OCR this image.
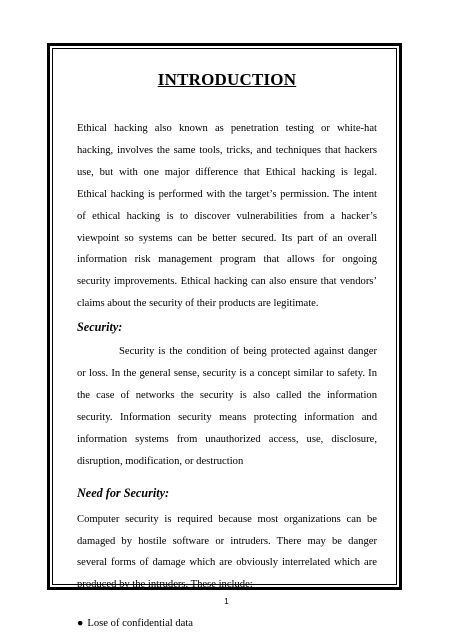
INTRODUCTION

Ethical hacking also known as penetration testing or white-hat hacking, involves the same tools, tricks, and techniques that hackers use, but with one major difference that Ethical hacking is legal. Ethical hacking is performed with the target’s permission. The intent of ethical hacking is to discover vulnerabilities from a hacker’s viewpoint so systems can be better secured. Its part of an overall information risk management program that allows for ongoing security improvements. Ethical hacking can also ensure that vendors’ claims about the security of their products are legitimate.

Security:

Security is the condition of being protected against danger or loss. In the general sense, security is a concept similar to safety. In the case of networks the security is also called the information security. Information security means protecting information and information systems from unauthorized access, use, disclosure, disruption, modification, or destruction

Need for Security:

Computer security is required because most organizations can be damaged by hostile software or intruders. There may be danger several forms of damage which are obviously interrelated which are produced by the intruders. These include:

● Lose of confidential data
1
